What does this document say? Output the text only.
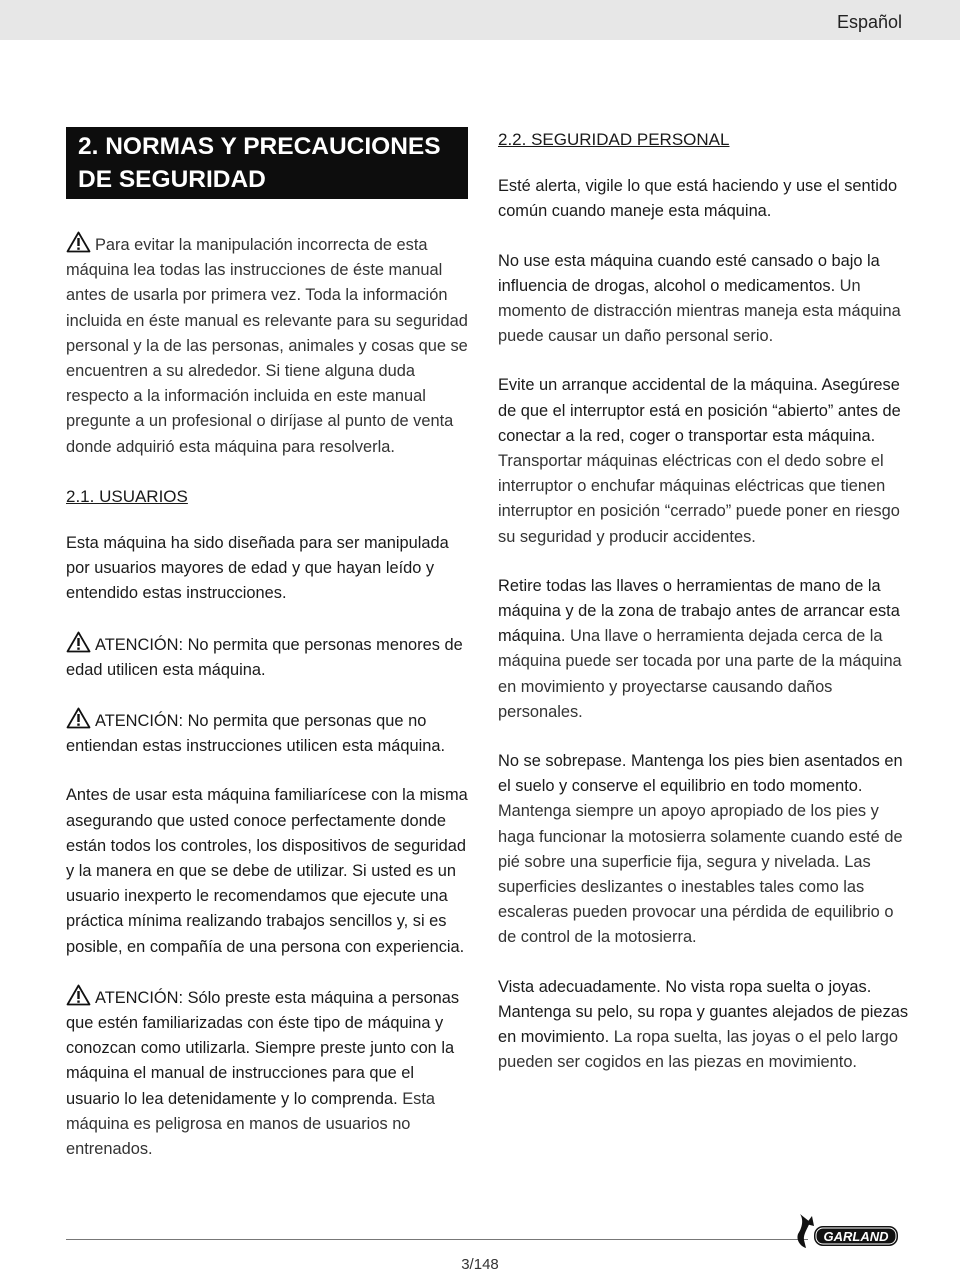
Español
2. NORMAS Y PRECAUCIONES DE SEGURIDAD

Para evitar la manipulación incorrecta de esta máquina lea todas las instrucciones de éste manual antes de usarla por primera vez. Toda la información incluida en éste manual es relevante para su seguridad personal y la de las personas, animales y cosas que se encuentren a su alrededor. Si tiene alguna duda respecto a la información incluida en este manual pregunte a un profesional o diríjase al punto de venta donde adquirió esta máquina para resolverla.

2.1. USUARIOS

Esta máquina ha sido diseñada para ser manipulada por usuarios mayores de edad y que hayan leído y entendido estas instrucciones.

ATENCIÓN: No permita que personas menores de edad utilicen esta máquina.

ATENCIÓN: No permita que personas que no entiendan estas instrucciones utilicen esta máquina.

Antes de usar esta máquina familiarícese con la misma asegurando que usted conoce perfectamente donde están todos los controles, los dispositivos de seguridad y la manera en que se debe de utilizar. Si usted es un usuario inexperto le recomendamos que ejecute una práctica mínima realizando trabajos sencillos y, si es posible, en compañía de una persona con experiencia.

ATENCIÓN: Sólo preste esta máquina a personas que estén familiarizadas con éste tipo de máquina y conozcan como utilizarla. Siempre preste junto con la máquina el manual de instrucciones para que el usuario lo lea detenidamente y lo comprenda. Esta máquina es peligrosa en manos de usuarios no entrenados.

2.2. SEGURIDAD PERSONAL

Esté alerta, vigile lo que está haciendo y use el sentido común cuando maneje esta máquina.

No use esta máquina cuando esté cansado o bajo la influencia de drogas, alcohol o medicamentos. Un momento de distracción mientras maneja esta máquina puede causar un daño personal serio.

Evite un arranque accidental de la máquina. Asegúrese de que el interruptor está en posición “abierto” antes de conectar a la red, coger o transportar esta máquina. Transportar máquinas eléctricas con el dedo sobre el interruptor o enchufar máquinas eléctricas que tienen interruptor en posición “cerrado” puede poner en riesgo su seguridad y producir accidentes.

Retire todas las llaves o herramientas de mano de la máquina y de la zona de trabajo antes de arrancar esta máquina. Una llave o herramienta dejada cerca de la máquina puede ser tocada por una parte de la máquina en movimiento y proyectarse causando daños personales.

No se sobrepase. Mantenga los pies bien asentados en el suelo y conserve el equilibrio en todo momento. Mantenga siempre un apoyo apropiado de los pies y haga funcionar la motosierra solamente cuando esté de pié sobre una superficie fija, segura y nivelada. Las superficies deslizantes o inestables tales como las escaleras pueden provocar una pérdida de equilibrio o de control de la motosierra.

Vista adecuadamente. No vista ropa suelta o joyas. Mantenga su pelo, su ropa y guantes alejados de piezas en movimiento. La ropa suelta, las joyas o el pelo largo pueden ser cogidos en las piezas en movimiento.

GARLAND
3/148
